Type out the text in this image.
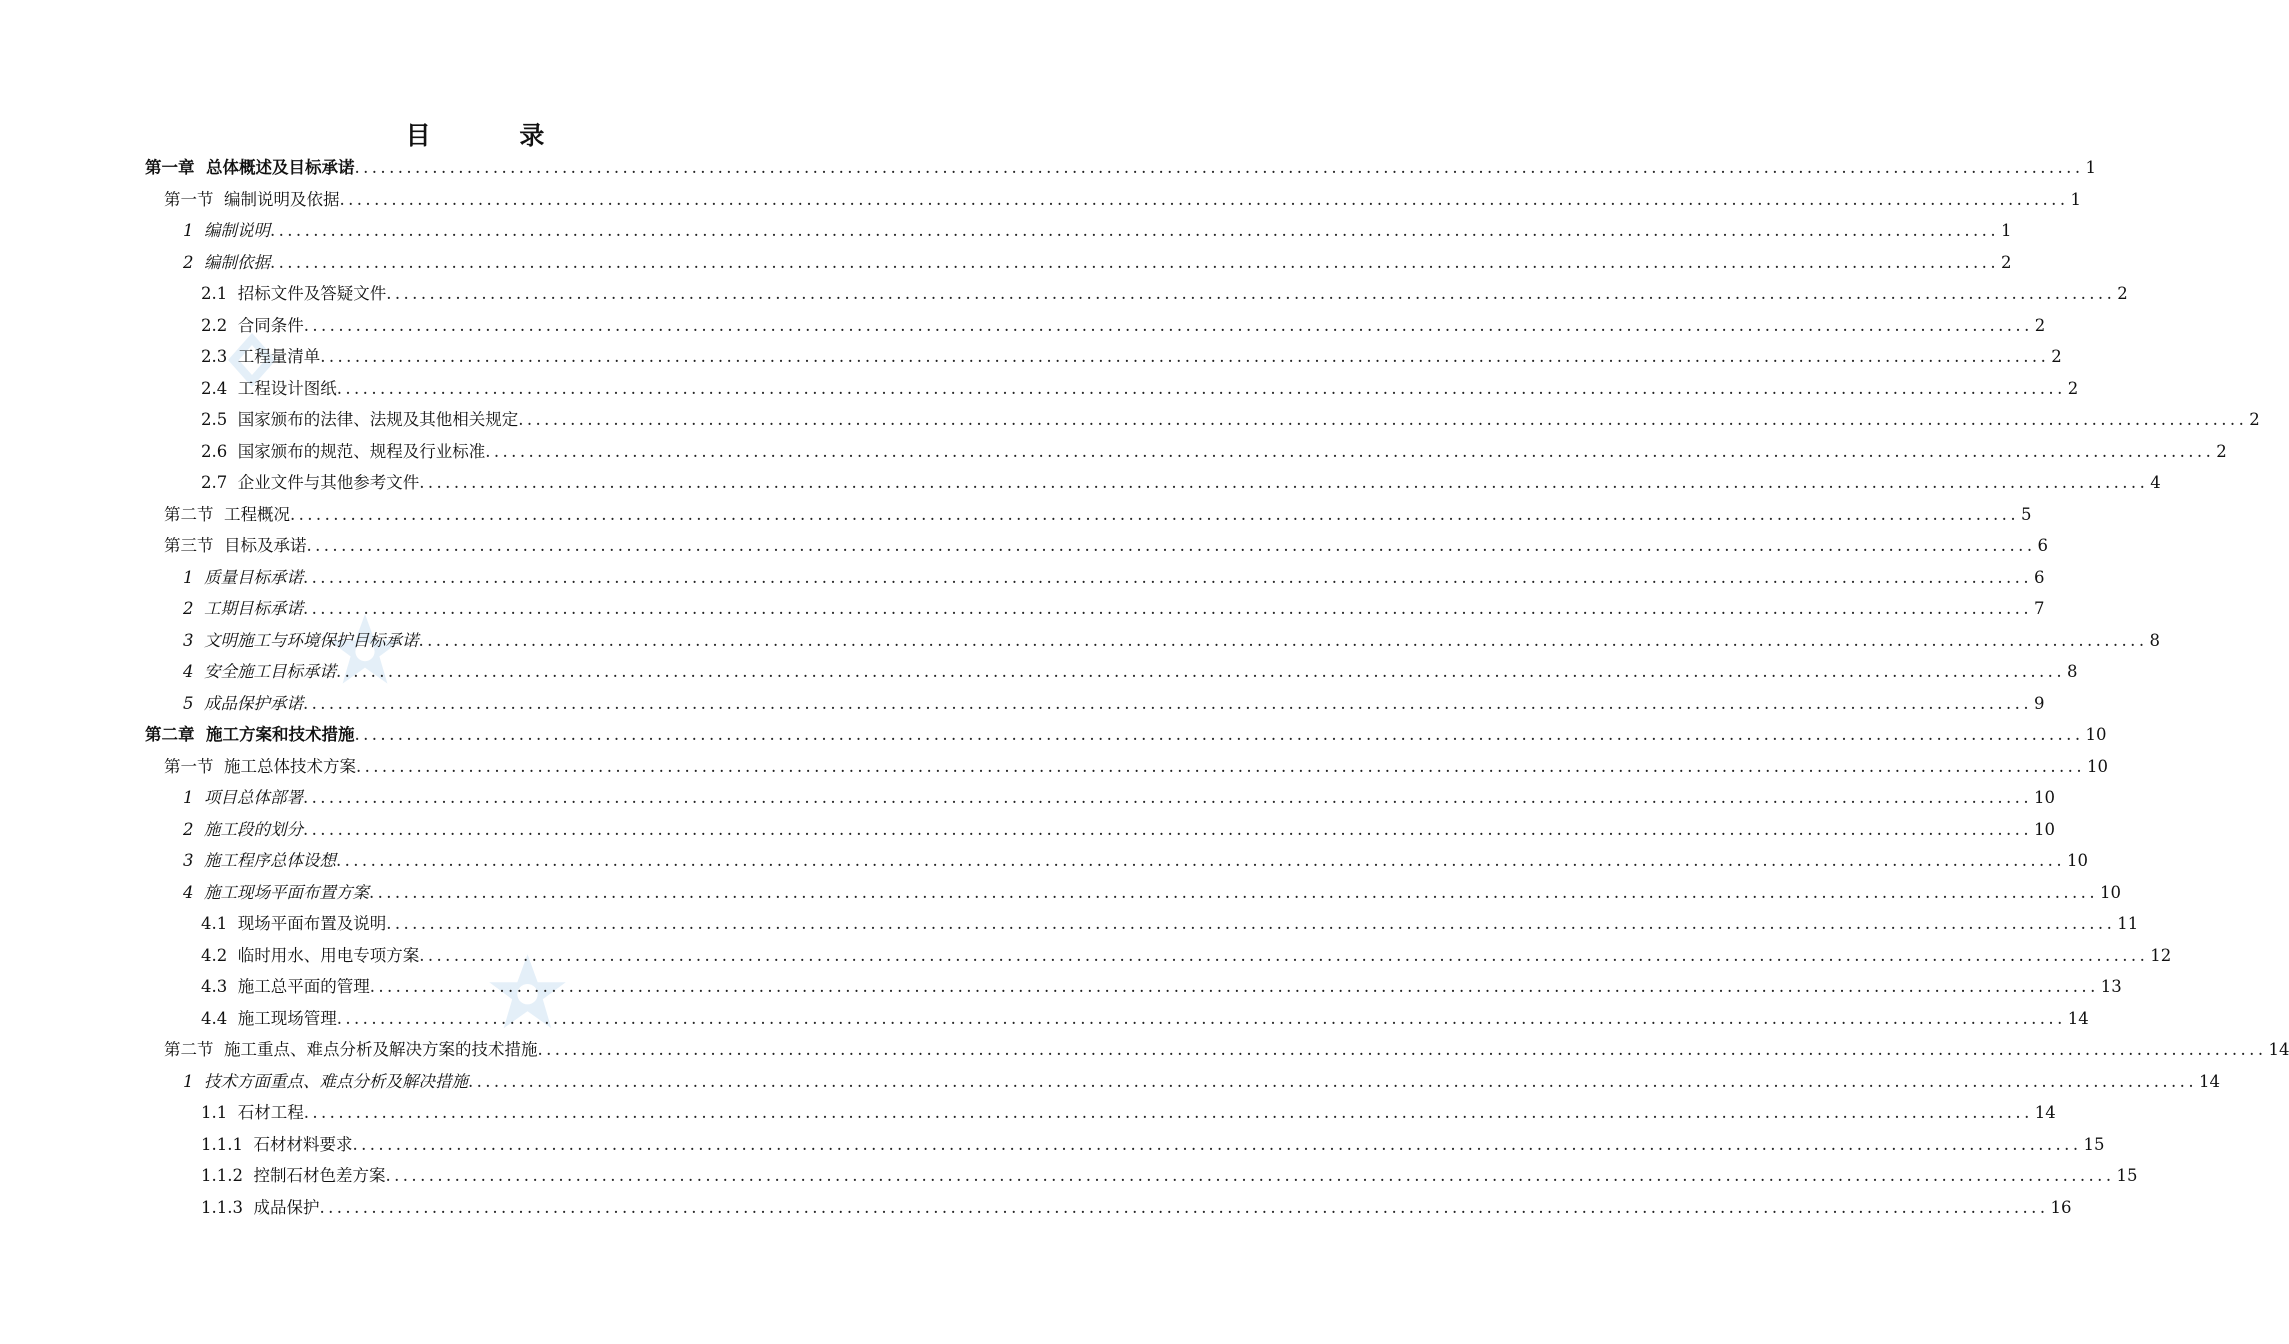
目 录
第一章  总体概述及目标承诺 ........................................................................................................................................................................................................ 1
第一节  编制说明及依据 ........................................................................................................................................................................................................ 1
1  编制说明 ........................................................................................................................................................................................................ 1
2  编制依据 ........................................................................................................................................................................................................ 2
2.1  招标文件及答疑文件 ........................................................................................................................................................................................................ 2
2.2  合同条件 ........................................................................................................................................................................................................ 2
2.3  工程量清单 ........................................................................................................................................................................................................ 2
2.4  工程设计图纸 ........................................................................................................................................................................................................ 2
2.5  国家颁布的法律、法规及其他相关规定 ........................................................................................................................................................................................................ 2
2.6  国家颁布的规范、规程及行业标准 ........................................................................................................................................................................................................ 2
2.7  企业文件与其他参考文件 ........................................................................................................................................................................................................ 4
第二节  工程概况 ........................................................................................................................................................................................................ 5
第三节  目标及承诺 ........................................................................................................................................................................................................ 6
1  质量目标承诺 ........................................................................................................................................................................................................ 6
2  工期目标承诺 ........................................................................................................................................................................................................ 7
3  文明施工与环境保护目标承诺 ........................................................................................................................................................................................................ 8
4  安全施工目标承诺 ........................................................................................................................................................................................................ 8
5  成品保护承诺 ........................................................................................................................................................................................................ 9
第二章  施工方案和技术措施 ........................................................................................................................................................................................................ 10
第一节  施工总体技术方案 ........................................................................................................................................................................................................ 10
1  项目总体部署 ........................................................................................................................................................................................................ 10
2  施工段的划分 ........................................................................................................................................................................................................ 10
3  施工程序总体设想 ........................................................................................................................................................................................................ 10
4  施工现场平面布置方案 ........................................................................................................................................................................................................ 10
4.1  现场平面布置及说明 ........................................................................................................................................................................................................ 11
4.2  临时用水、用电专项方案 ........................................................................................................................................................................................................ 12
4.3  施工总平面的管理 ........................................................................................................................................................................................................ 13
4.4  施工现场管理 ........................................................................................................................................................................................................ 14
第二节  施工重点、难点分析及解决方案的技术措施 ........................................................................................................................................................................................................ 14
1  技术方面重点、难点分析及解决措施 ........................................................................................................................................................................................................ 14
1.1  石材工程 ........................................................................................................................................................................................................ 14
1.1.1  石材材料要求 ........................................................................................................................................................................................................ 15
1.1.2  控制石材色差方案 ........................................................................................................................................................................................................ 15
1.1.3  成品保护 ........................................................................................................................................................................................................ 16
